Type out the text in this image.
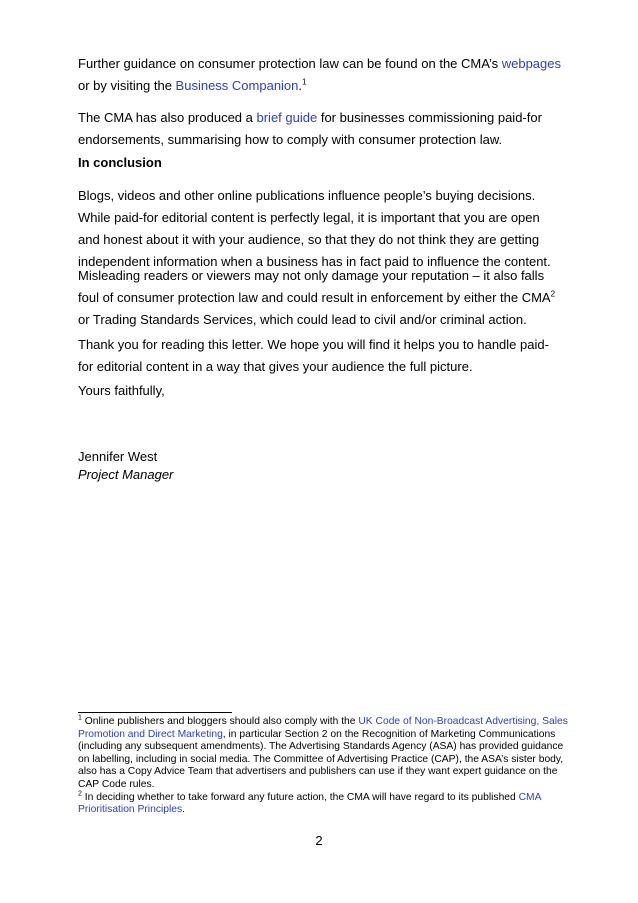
Further guidance on consumer protection law can be found on the CMA’s webpages or by visiting the Business Companion.$^1$

The CMA has also produced a brief guide for businesses commissioning paid-for endorsements, summarising how to comply with consumer protection law.

In conclusion

Blogs, videos and other online publications influence people’s buying decisions. While paid-for editorial content is perfectly legal, it is important that you are open and honest about it with your audience, so that they do not think they are getting independent information when a business has in fact paid to influence the content.

Misleading readers or viewers may not only damage your reputation – it also falls foul of consumer protection law and could result in enforcement by either the CMA$^2$ or Trading Standards Services, which could lead to civil and/or criminal action.

Thank you for reading this letter. We hope you will find it helps you to handle paid-for editorial content in a way that gives your audience the full picture.

Yours faithfully,
Jennifer West
Project Manager

$^1$ Online publishers and bloggers should also comply with the UK Code of Non-Broadcast Advertising, Sales Promotion and Direct Marketing, in particular Section 2 on the Recognition of Marketing Communications (including any subsequent amendments). The Advertising Standards Agency (ASA) has provided guidance on labelling, including in social media. The Committee of Advertising Practice (CAP), the ASA’s sister body, also has a Copy Advice Team that advertisers and publishers can use if they want expert guidance on the CAP Code rules.

$^2$ In deciding whether to take forward any future action, the CMA will have regard to its published CMA Prioritisation Principles.

2
